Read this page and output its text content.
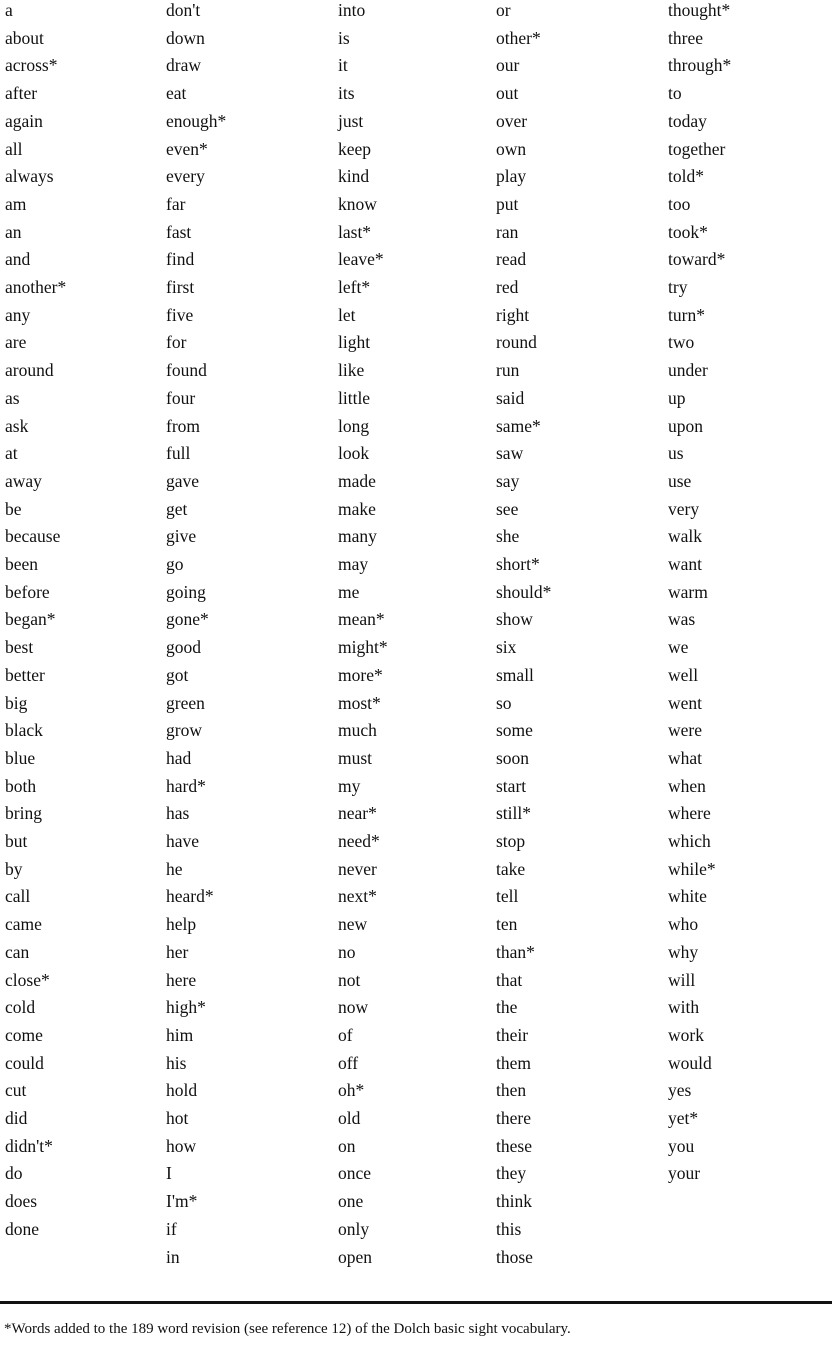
a
about
across*
after
again
all
always
am
an
and
another*
any
are
around
as
ask
at
away
be
because
been
before
began*
best
better
big
black
blue
both
bring
but
by
call
came
can
close*
cold
come
could
cut
did
didn't*
do
does
done
don't
down
draw
eat
enough*
even*
every
far
fast
find
first
five
for
found
four
from
full
gave
get
give
go
going
gone*
good
got
green
grow
had
hard*
has
have
he
heard*
help
her
here
high*
him
his
hold
hot
how
I
I'm*
if
in
into
is
it
its
just
keep
kind
know
last*
leave*
left*
let
light
like
little
long
look
made
make
many
may
me
mean*
might*
more*
most*
much
must
my
near*
need*
never
next*
new
no
not
now
of
off
oh*
old
on
once
one
only
open
or
other*
our
out
over
own
play
put
ran
read
red
right
round
run
said
same*
saw
say
see
she
short*
should*
show
six
small
so
some
soon
start
still*
stop
take
tell
ten
than*
that
the
their
them
then
there
these
they
think
this
those
thought*
three
through*
to
today
together
told*
too
took*
toward*
try
turn*
two
under
up
upon
us
use
very
walk
want
warm
was
we
well
went
were
what
when
where
which
while*
white
who
why
will
with
work
would
yes
yet*
you
your
*Words added to the 189 word revision (see reference 12) of the Dolch basic sight vocabulary.
